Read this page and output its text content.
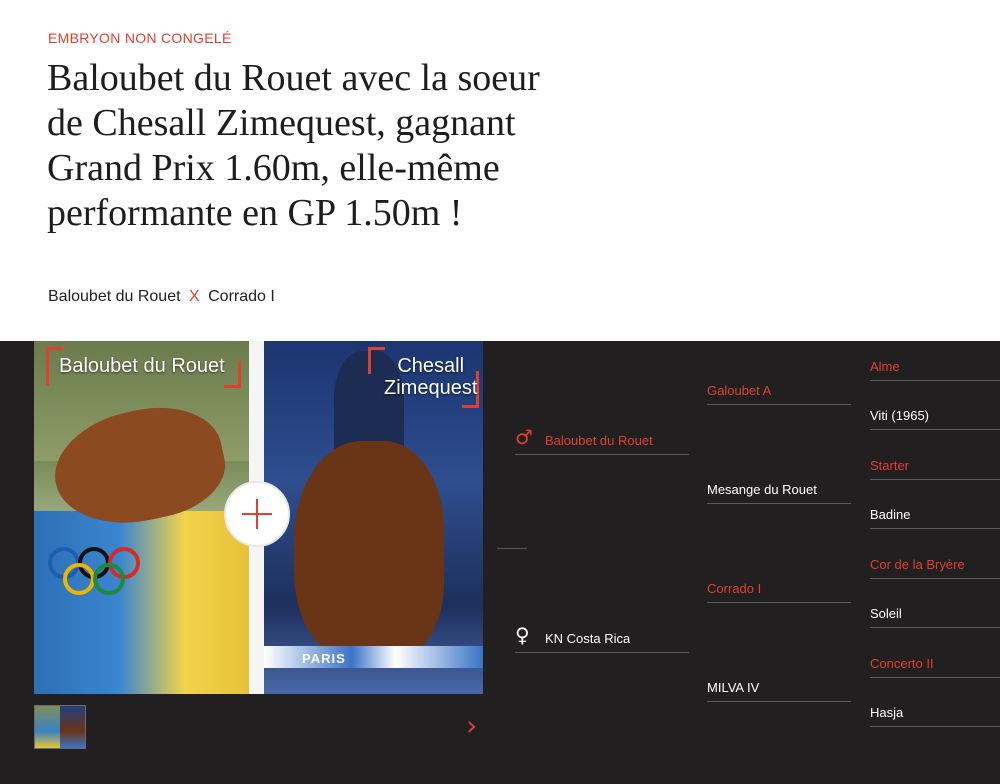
EMBRYON NON CONGELÉ
Baloubet du Rouet avec la soeur de Chesall Zimequest, gagnant Grand Prix 1.60m, elle-même performante en GP 1.50m !
Baloubet du Rouet X Corrado I
PARIS
Baloubet du Rouet	Chesall
Zimequest
›
♂ Baloubet du Rouet
♀ KN Costa Rica
Galoubet A
Mesange du Rouet
Corrado I
MILVA IV
Alme
Viti (1965)
Starter
Badine
Cor de la Bryère
Soleil
Concerto II
Hasja
